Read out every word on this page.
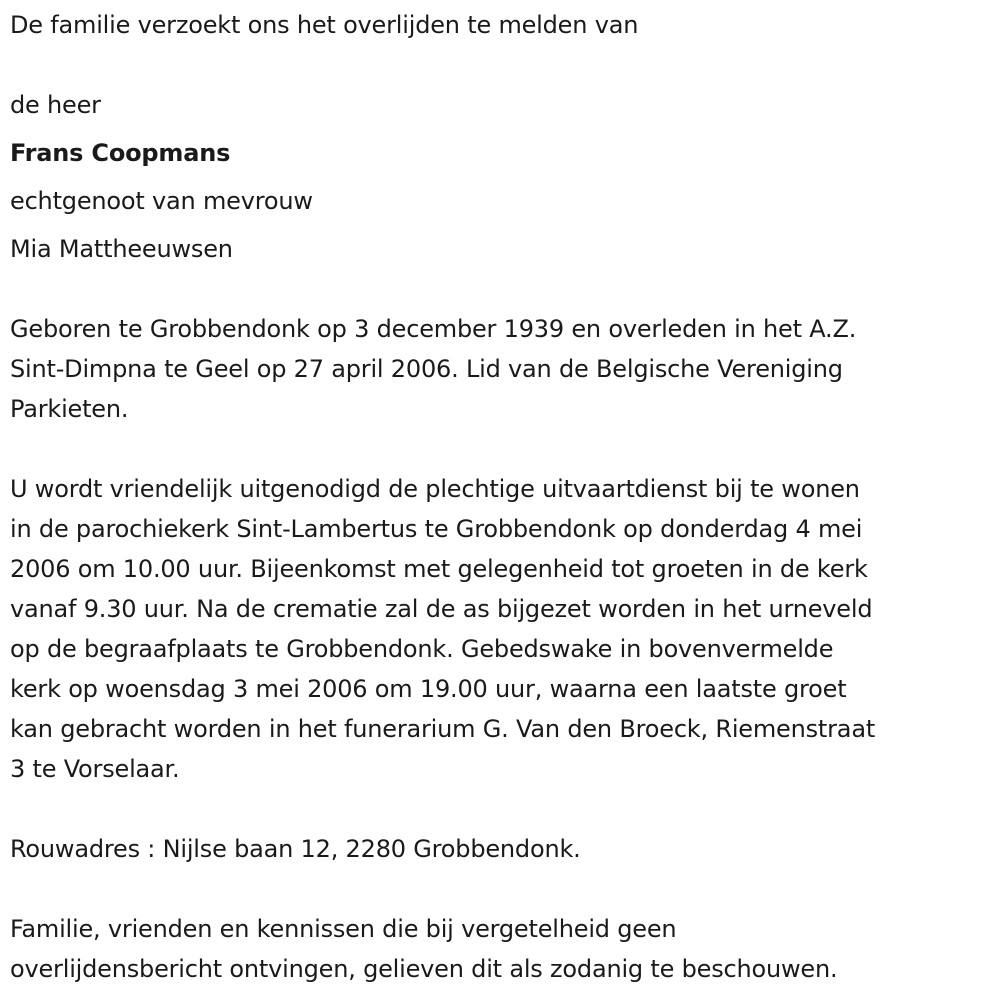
De familie verzoekt ons het overlijden te melden van
de heer
Frans Coopmans
echtgenoot van mevrouw
Mia Mattheeuwsen
Geboren te Grobbendonk op 3 december 1939 en overleden in het A.Z.
Sint-Dimpna te Geel op 27 april 2006. Lid van de Belgische Vereniging
Parkieten.
U wordt vriendelijk uitgenodigd de plechtige uitvaartdienst bij te wonen
in de parochiekerk Sint-Lambertus te Grobbendonk op donderdag 4 mei
2006 om 10.00 uur. Bijeenkomst met gelegenheid tot groeten in de kerk
vanaf 9.30 uur. Na de crematie zal de as bijgezet worden in het urneveld
op de begraafplaats te Grobbendonk. Gebedswake in bovenvermelde
kerk op woensdag 3 mei 2006 om 19.00 uur, waarna een laatste groet
kan gebracht worden in het funerarium G. Van den Broeck, Riemenstraat
3 te Vorselaar.
Rouwadres : Nijlse baan 12, 2280 Grobbendonk.
Familie, vrienden en kennissen die bij vergetelheid geen
overlijdensbericht ontvingen, gelieven dit als zodanig te beschouwen.
